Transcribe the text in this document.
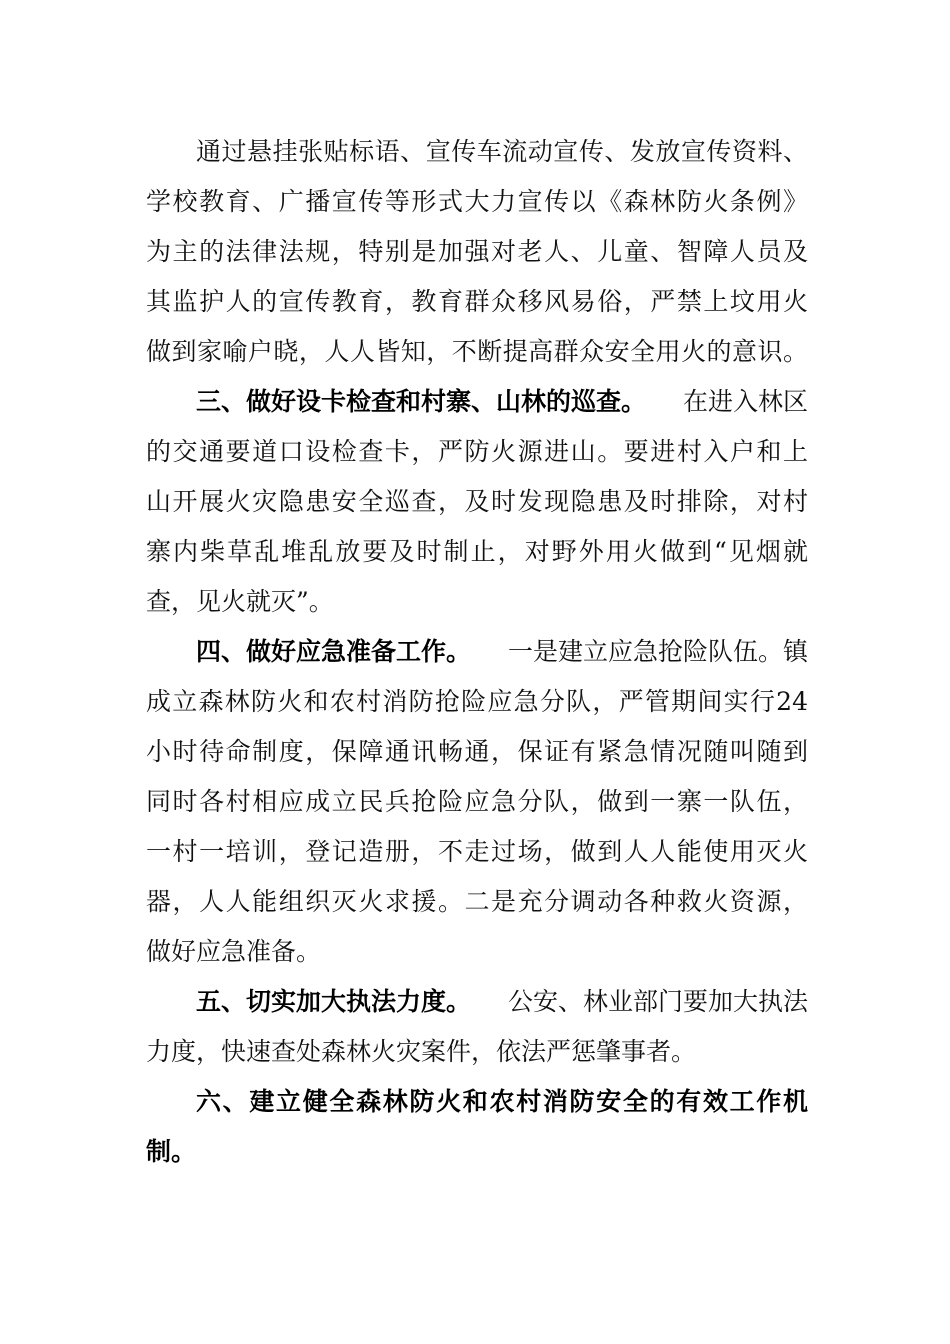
通过悬挂张贴标语、宣传车流动宣传、发放宣传资料、
学校教育、广播宣传等形式大力宣传以《森林防火条例》
为主的法律法规，特别是加强对老人、儿童、智障人员及
其监护人的宣传教育，教育群众移风易俗，严禁上坟用火
做到家喻户晓，人人皆知，不断提高群众安全用火的意识。
三、做好设卡检查和村寨、山林的巡查。 在进入林区
的交通要道口设检查卡，严防火源进山。要进村入户和上
山开展火灾隐患安全巡查，及时发现隐患及时排除，对村
寨内柴草乱堆乱放要及时制止，对野外用火做到“见烟就
查，见火就灭”。
四、做好应急准备工作。 一是建立应急抢险队伍。镇
成立森林防火和农村消防抢险应急分队，严管期间实行24
小时待命制度，保障通讯畅通，保证有紧急情况随叫随到
同时各村相应成立民兵抢险应急分队，做到一寨一队伍，
一村一培训，登记造册，不走过场，做到人人能使用灭火
器，人人能组织灭火求援。二是充分调动各种救火资源，
做好应急准备。
五、切实加大执法力度。 公安、林业部门要加大执法
力度，快速查处森林火灾案件，依法严惩肇事者。
六、建立健全森林防火和农村消防安全的有效工作机
制。
